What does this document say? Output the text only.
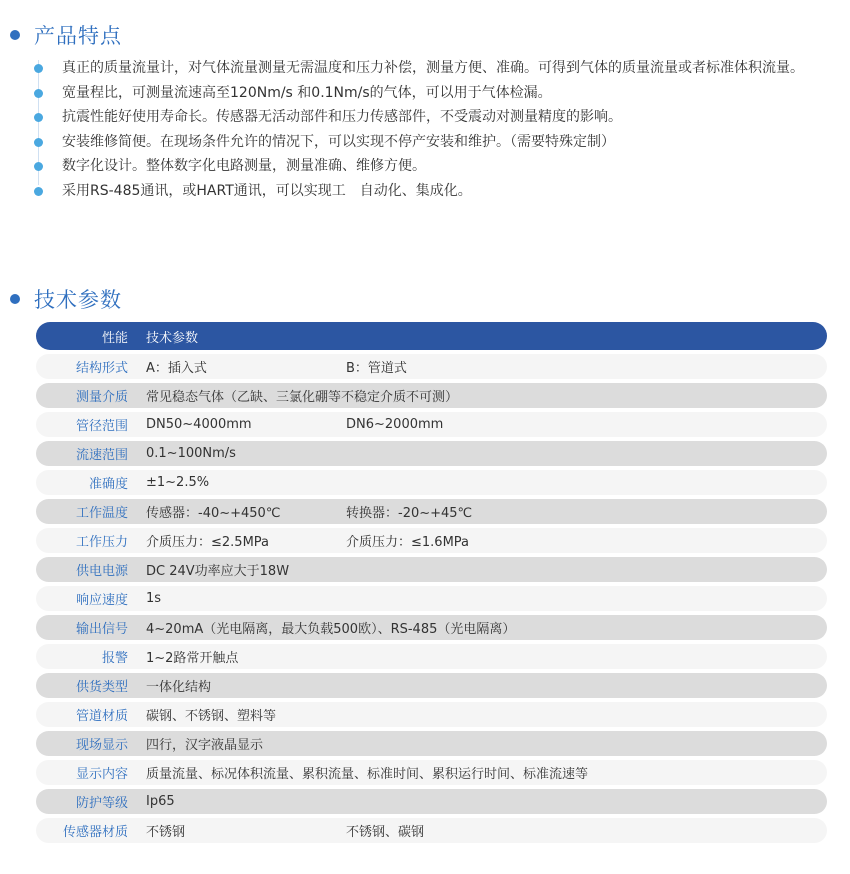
产品特点
真正的质量流量计，对气体流量测量无需温度和压力补偿，测量方便、准确。可得到气体的质量流量或者标准体积流量。
宽量程比，可测量流速高至120Nm/s 和0.1Nm/s的气体，可以用于气体检漏。
抗震性能好使用寿命长。传感器无活动部件和压力传感部件，不受震动对测量精度的影响。
安装维修简便。在现场条件允许的情况下，可以实现不停产安装和维护。（需要特殊定制）
数字化设计。整体数字化电路测量，测量准确、维修方便。
采用RS-485通讯，或HART通讯，可以实现工　自动化、集成化。
技术参数
性能 技术参数
结构形式 A：插入式	B：管道式
测量介质 常见稳态气体（乙缺、三氯化硼等不稳定介质不可测）
管径范围 DN50~4000mm	DN6~2000mm
流速范围 0.1~100Nm/s
准确度 ±1~2.5%
工作温度 传感器：-40~+450℃	转换器：-20~+45℃
工作压力 介质压力：≤2.5MPa	介质压力：≤1.6MPa
供电电源 DC 24V功率应大于18W
响应速度 1s
输出信号 4~20mA（光电隔离，最大负载500欧）、RS-485（光电隔离）
报警 1~2路常开触点
供货类型 一体化结构
管道材质 碳钢、不锈钢、塑料等
现场显示 四行，汉字液晶显示
显示内容 质量流量、标况体积流量、累积流量、标准时间、累积运行时间、标准流速等
防护等级 Ip65
传感器材质 不锈钢	不锈钢、碳钢
